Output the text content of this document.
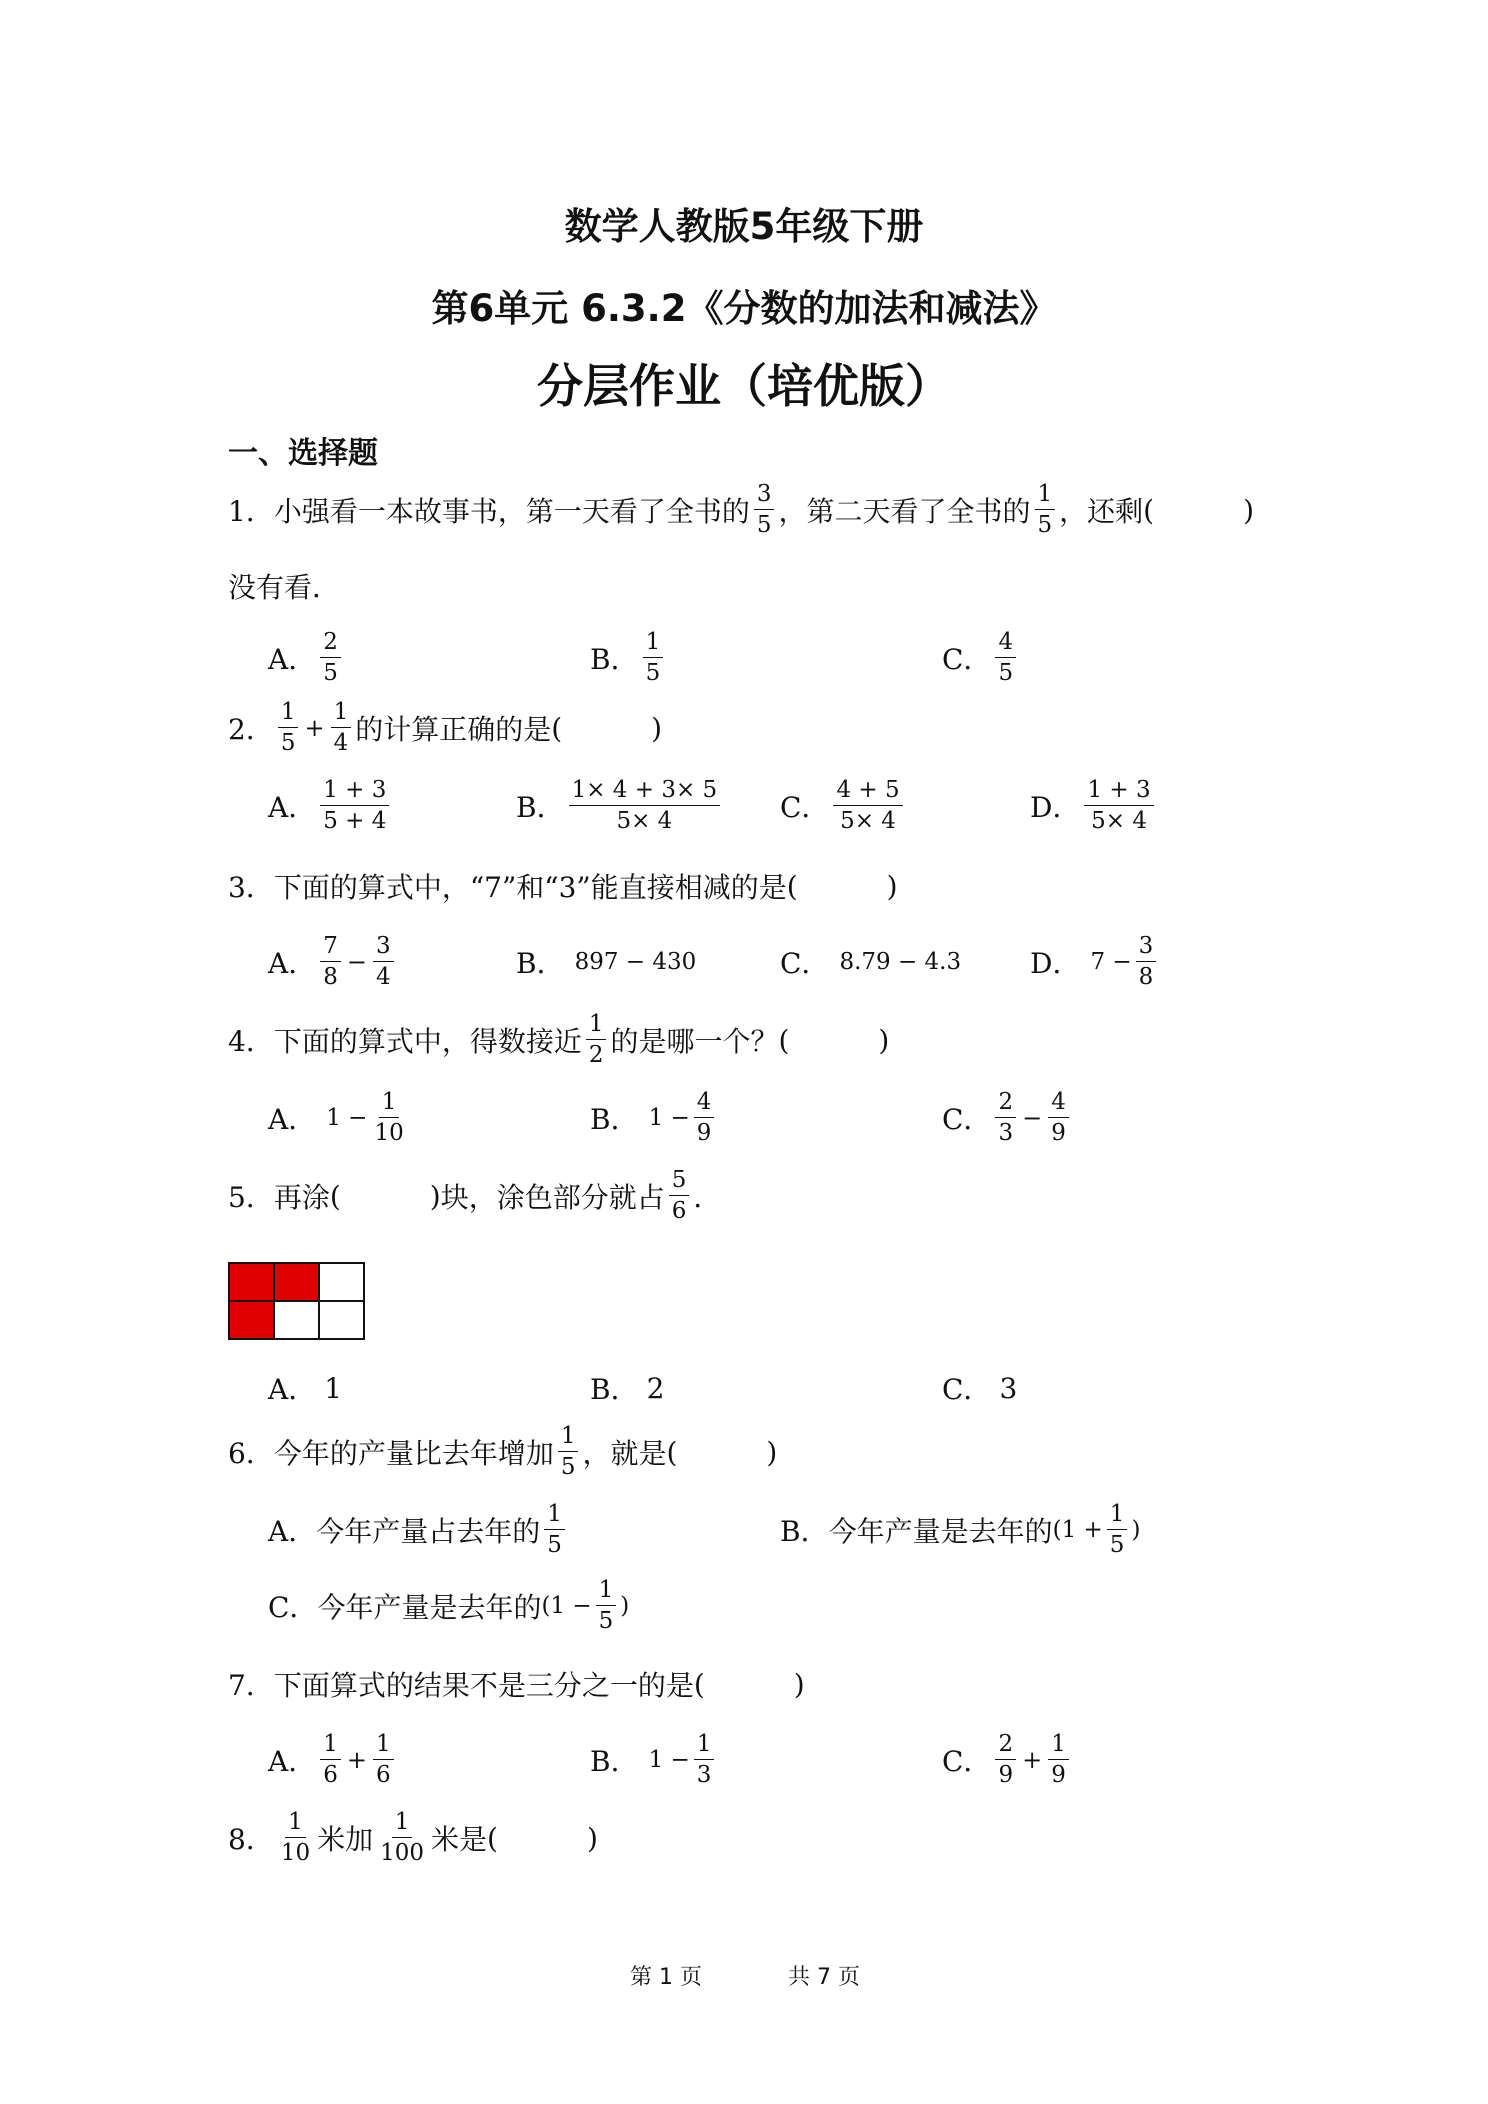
数学人教版5年级下册
第6单元 6.3.2《分数的加法和减法》
分层作业（培优版）
一、选择题
1． 小强看一本故事书，第一天看了全书的 $\frac{3}{5}$ ，第二天看了全书的 $\frac{1}{5}$ ，还剩 (          )
没有看．
A． $\frac{2}{5}$	B． $\frac{1}{5}$	C． $\frac{4}{5}$
2． $\frac{1}{5} + \frac{1}{4}$ 的计算正确的是 (          )
A． $\frac{1 + 3}{5 + 4}$	B． $\frac{1\times 4 + 3\times 5}{5\times 4}$ C． $\frac{4 + 5}{5\times 4}$	D． $\frac{1 + 3}{5\times 4}$
3． 下面的算式中，“7”和“3”能直接相减的是 (          )
A． $\frac{7}{8} - \frac{3}{4}$	B． 897 − 430	C． 8.79 − 4.3 D． $7 - \frac{3}{8}$
4． 下面的算式中，得数接近 $\frac{1}{2}$ 的是哪一个？ (          )
A． $1 - \frac{1}{10}$	B． $1 - \frac{4}{9}$	C． $\frac{2}{3} - \frac{4}{9}$
5． 再涂 (          ) 块，涂色部分就占 $\frac{5}{6}$ ．
A． 1	B． 2	C． 3
6． 今年的产量比去年增加 $\frac{1}{5}$ ，就是 (          )
A． 今年产量占去年的 $\frac{1}{5}$	B． 今年产量是去年的 ($1 + \frac{1}{5}$ )
C． 今年产量是去年的 ($1 - \frac{1}{5}$ )
7． 下面算式的结果不是三分之一的是 (          )
A． $\frac{1}{6} + \frac{1}{6}$	B． $1 - \frac{1}{3}$	C． $\frac{2}{9} + \frac{1}{9}$
8． $\frac{1}{10}$ 米加 $\frac{1}{100}$ 米是 (          )
第 1 页	共 7 页
